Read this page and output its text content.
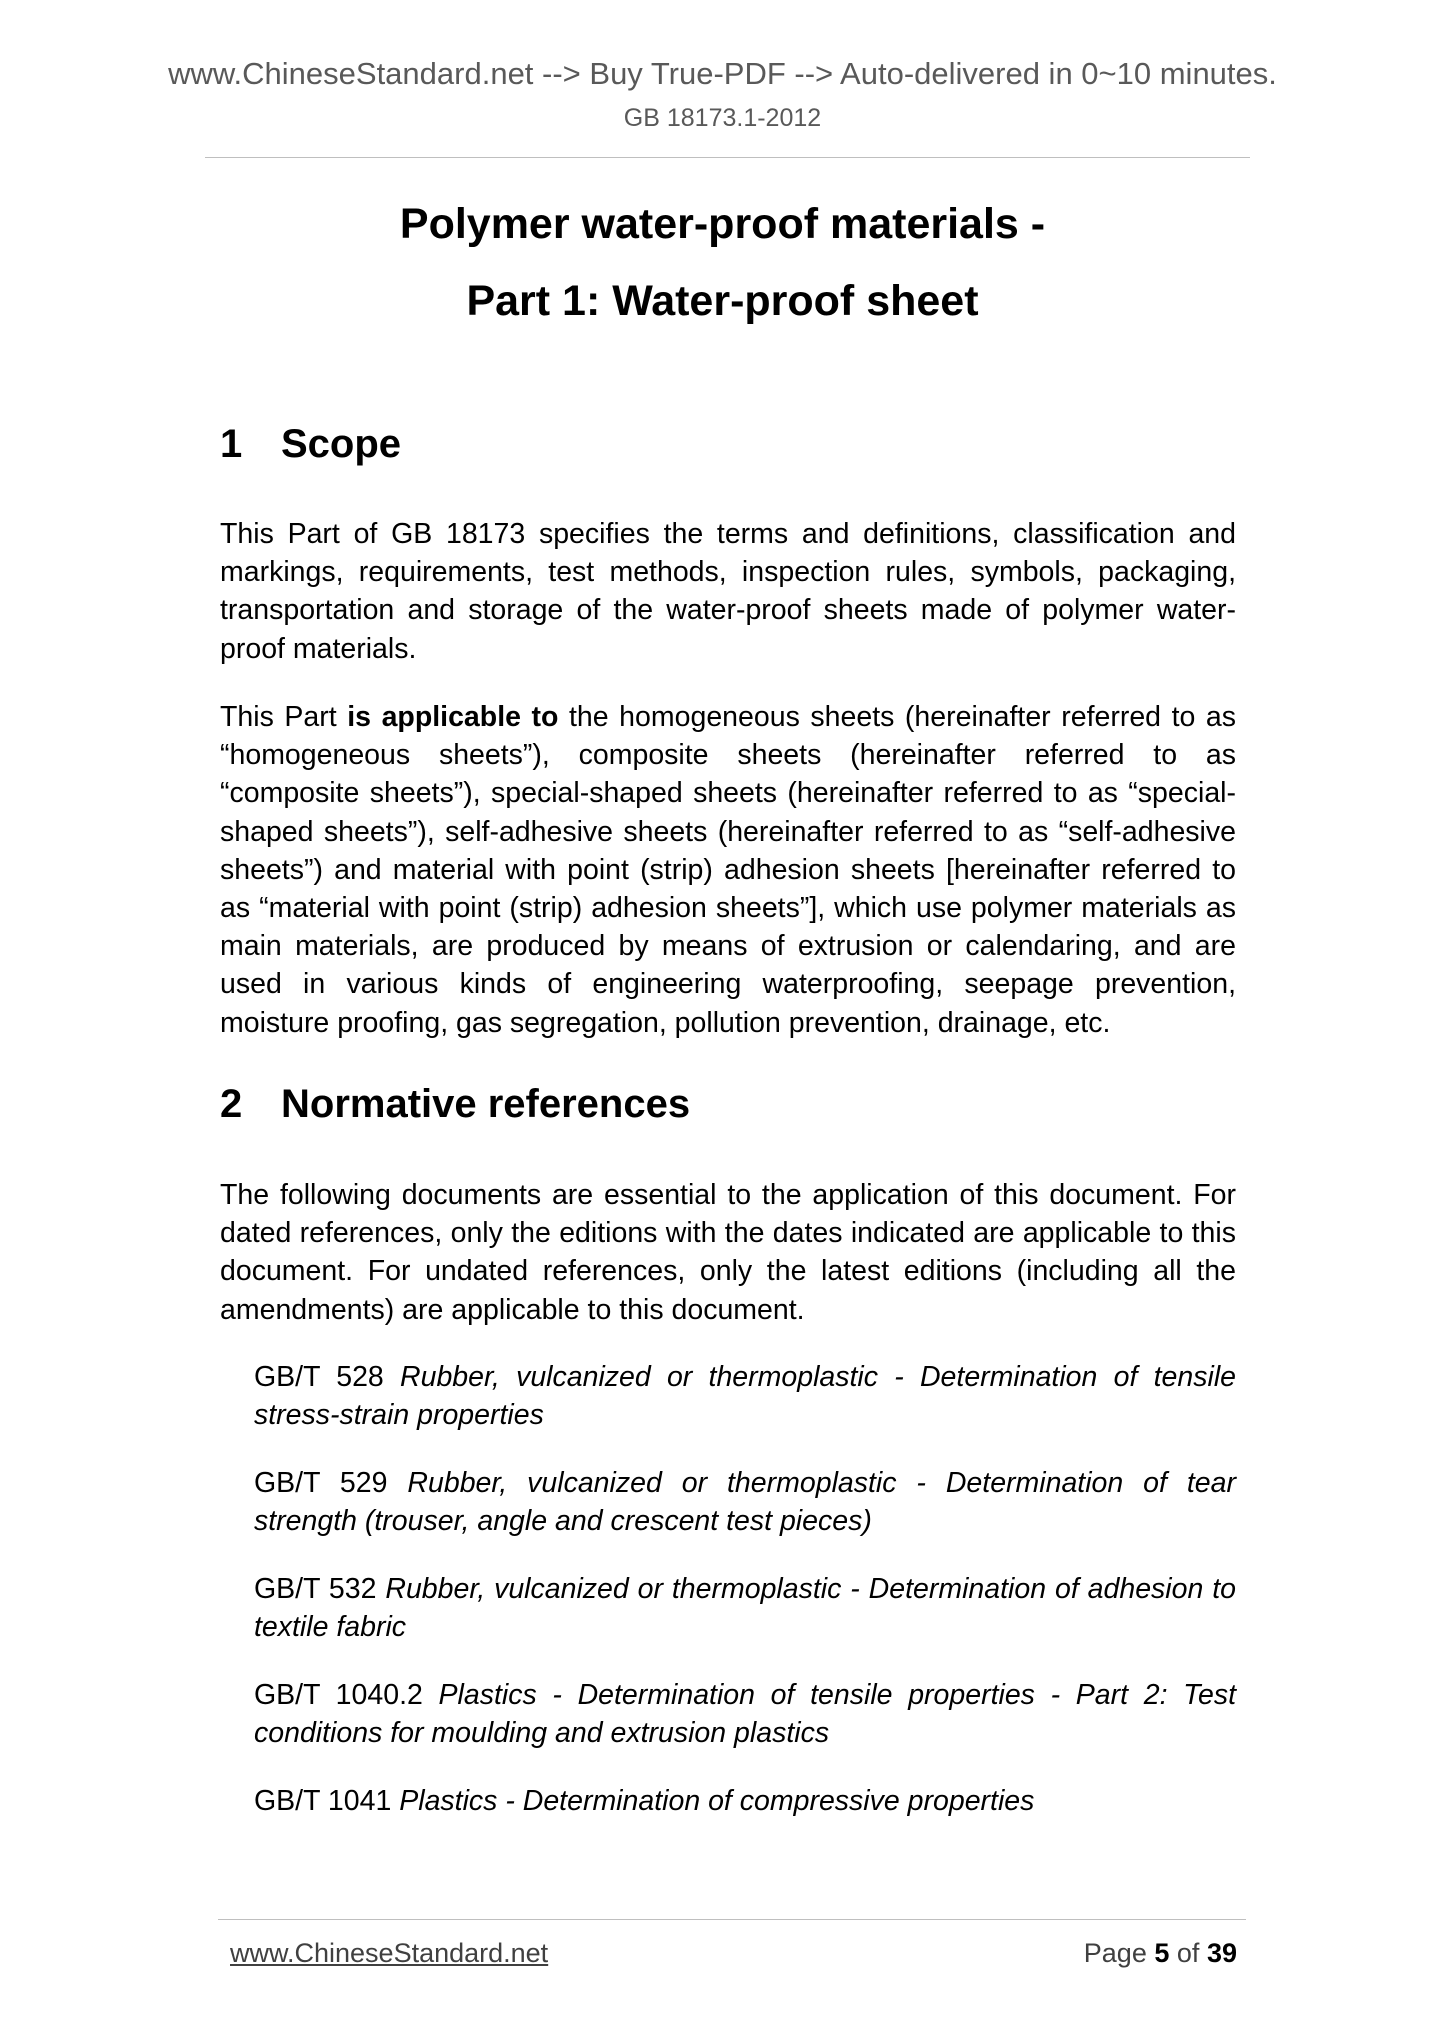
www.ChineseStandard.net --> Buy True-PDF --> Auto-delivered in 0~10 minutes.
GB 18173.1-2012
Polymer water-proof materials -
Part 1: Water-proof sheet
1 Scope
This Part of GB 18173 specifies the terms and definitions, classification and markings, requirements, test methods, inspection rules, symbols, packaging, transportation and storage of the water-proof sheets made of polymer water-proof materials.
This Part is applicable to the homogeneous sheets (hereinafter referred to as “homogeneous sheets”), composite sheets (hereinafter referred to as “composite sheets”), special-shaped sheets (hereinafter referred to as “special-shaped sheets”), self-adhesive sheets (hereinafter referred to as “self-adhesive sheets”) and material with point (strip) adhesion sheets [hereinafter referred to as “material with point (strip) adhesion sheets”], which use polymer materials as main materials, are produced by means of extrusion or calendaring, and are used in various kinds of engineering waterproofing, seepage prevention, moisture proofing, gas segregation, pollution prevention, drainage, etc.
2 Normative references
The following documents are essential to the application of this document. For dated references, only the editions with the dates indicated are applicable to this document. For undated references, only the latest editions (including all the amendments) are applicable to this document.
GB/T 528 Rubber, vulcanized or thermoplastic - Determination of tensile stress-strain properties
GB/T 529 Rubber, vulcanized or thermoplastic - Determination of tear strength (trouser, angle and crescent test pieces)
GB/T 532 Rubber, vulcanized or thermoplastic - Determination of adhesion to textile fabric
GB/T 1040.2 Plastics - Determination of tensile properties - Part 2: Test conditions for moulding and extrusion plastics
GB/T 1041 Plastics - Determination of compressive properties
www.ChineseStandard.net	Page 5 of 39
